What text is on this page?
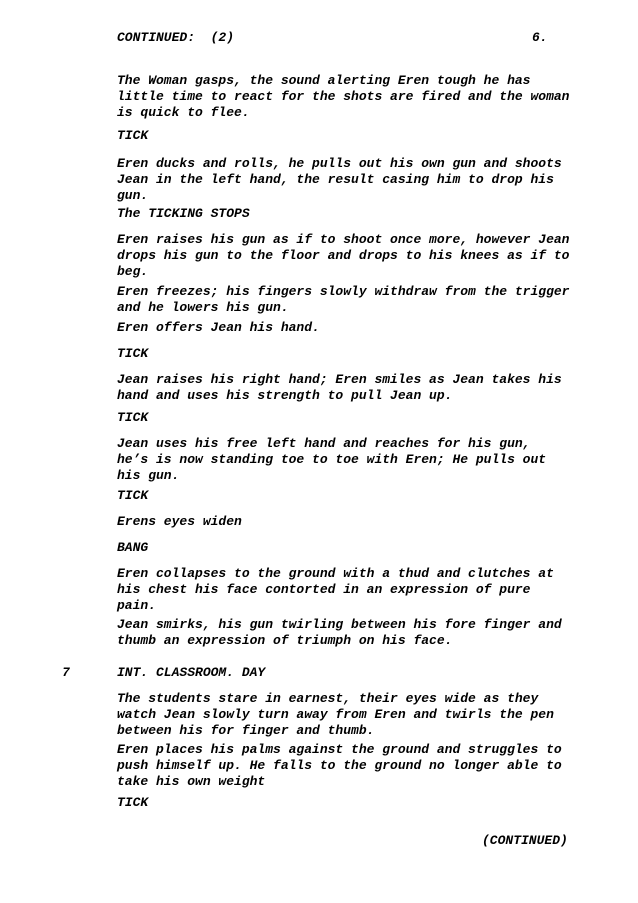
CONTINUED:  (2)	6.
The Woman gasps, the sound alerting Eren tough he has
little time to react for the shots are fired and the woman
is quick to flee.
TICK
Eren ducks and rolls, he pulls out his own gun and shoots
Jean in the left hand, the result casing him to drop his
gun.
The TICKING STOPS
Eren raises his gun as if to shoot once more, however Jean
drops his gun to the floor and drops to his knees as if to
beg.
Eren freezes; his fingers slowly withdraw from the trigger
and he lowers his gun.
Eren offers Jean his hand.
TICK
Jean raises his right hand; Eren smiles as Jean takes his
hand and uses his strength to pull Jean up.
TICK
Jean uses his free left hand and reaches for his gun,
he’s is now standing toe to toe with Eren; He pulls out
his gun.
TICK
Erens eyes widen
BANG
Eren collapses to the ground with a thud and clutches at
his chest his face contorted in an expression of pure
pain.
Jean smirks, his gun twirling between his fore finger and
thumb an expression of triumph on his face.
7	INT. CLASSROOM. DAY
The students stare in earnest, their eyes wide as they
watch Jean slowly turn away from Eren and twirls the pen
between his for finger and thumb.
Eren places his palms against the ground and struggles to
push himself up. He falls to the ground no longer able to
take his own weight
TICK
(CONTINUED)
